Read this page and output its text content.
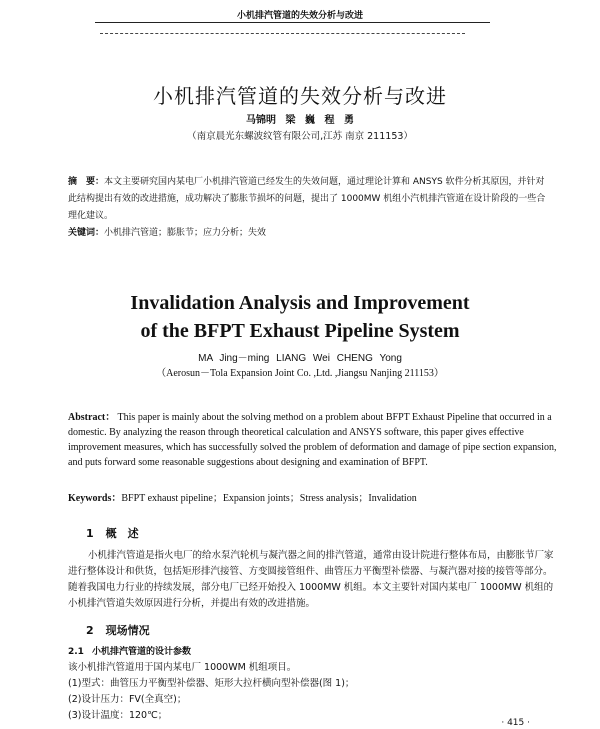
小机排汽管道的失效分析与改进
小机排汽管道的失效分析与改进
马锦明 梁 巍 程 勇
（南京晨光东螺波纹管有限公司,江苏 南京 211153）
摘　要：本文主要研究国内某电厂小机排汽管道已经发生的失效问题，通过理论计算和 ANSYS 软件分析其原因，并针对此结构提出有效的改进措施，成功解决了膨胀节损坏的问题，提出了 1000MW 机组小汽机排汽管道在设计阶段的一些合理化建议。
关键词：小机排汽管道；膨胀节；应力分析；失效
Invalidation Analysis and Improvement
of the BFPT Exhaust Pipeline System
MA Jing－ming LIANG Wei CHENG Yong
（Aerosun－Tola Expansion Joint Co. ,Ltd. ,Jiangsu Nanjing 211153）
Abstract： This paper is mainly about the solving method on a problem about BFPT Exhaust Pipeline that occurred in a domestic. By analyzing the reason through theoretical calculation and ANSYS software, this paper gives effective improvement measures, which has successfully solved the problem of deformation and damage of pipe section expansion, and puts forward some reasonable suggestions about designing and examination of BFPT.
Keywords：BFPT exhaust pipeline；Expansion joints；Stress analysis；Invalidation
1 概　述
小机排汽管道是指火电厂的给水泵汽轮机与凝汽器之间的排汽管道，通常由设计院进行整体布局，由膨胀节厂家进行整体设计和供货，包括矩形排汽接管、方变圆接管组件、曲管压力平衡型补偿器、与凝汽器对接的接管等部分。随着我国电力行业的持续发展，部分电厂已经开始投入 1000MW 机组。本文主要针对国内某电厂 1000MW 机组的小机排汽管道失效原因进行分析，并提出有效的改进措施。
2 现场情况
2.1 小机排汽管道的设计参数
该小机排汽管道用于国内某电厂 1000WM 机组项目。
(1)型式：曲管压力平衡型补偿器、矩形大拉杆横向型补偿器(图 1)；
(2)设计压力：FV(全真空)；
(3)设计温度：120℃；
· 415 ·
